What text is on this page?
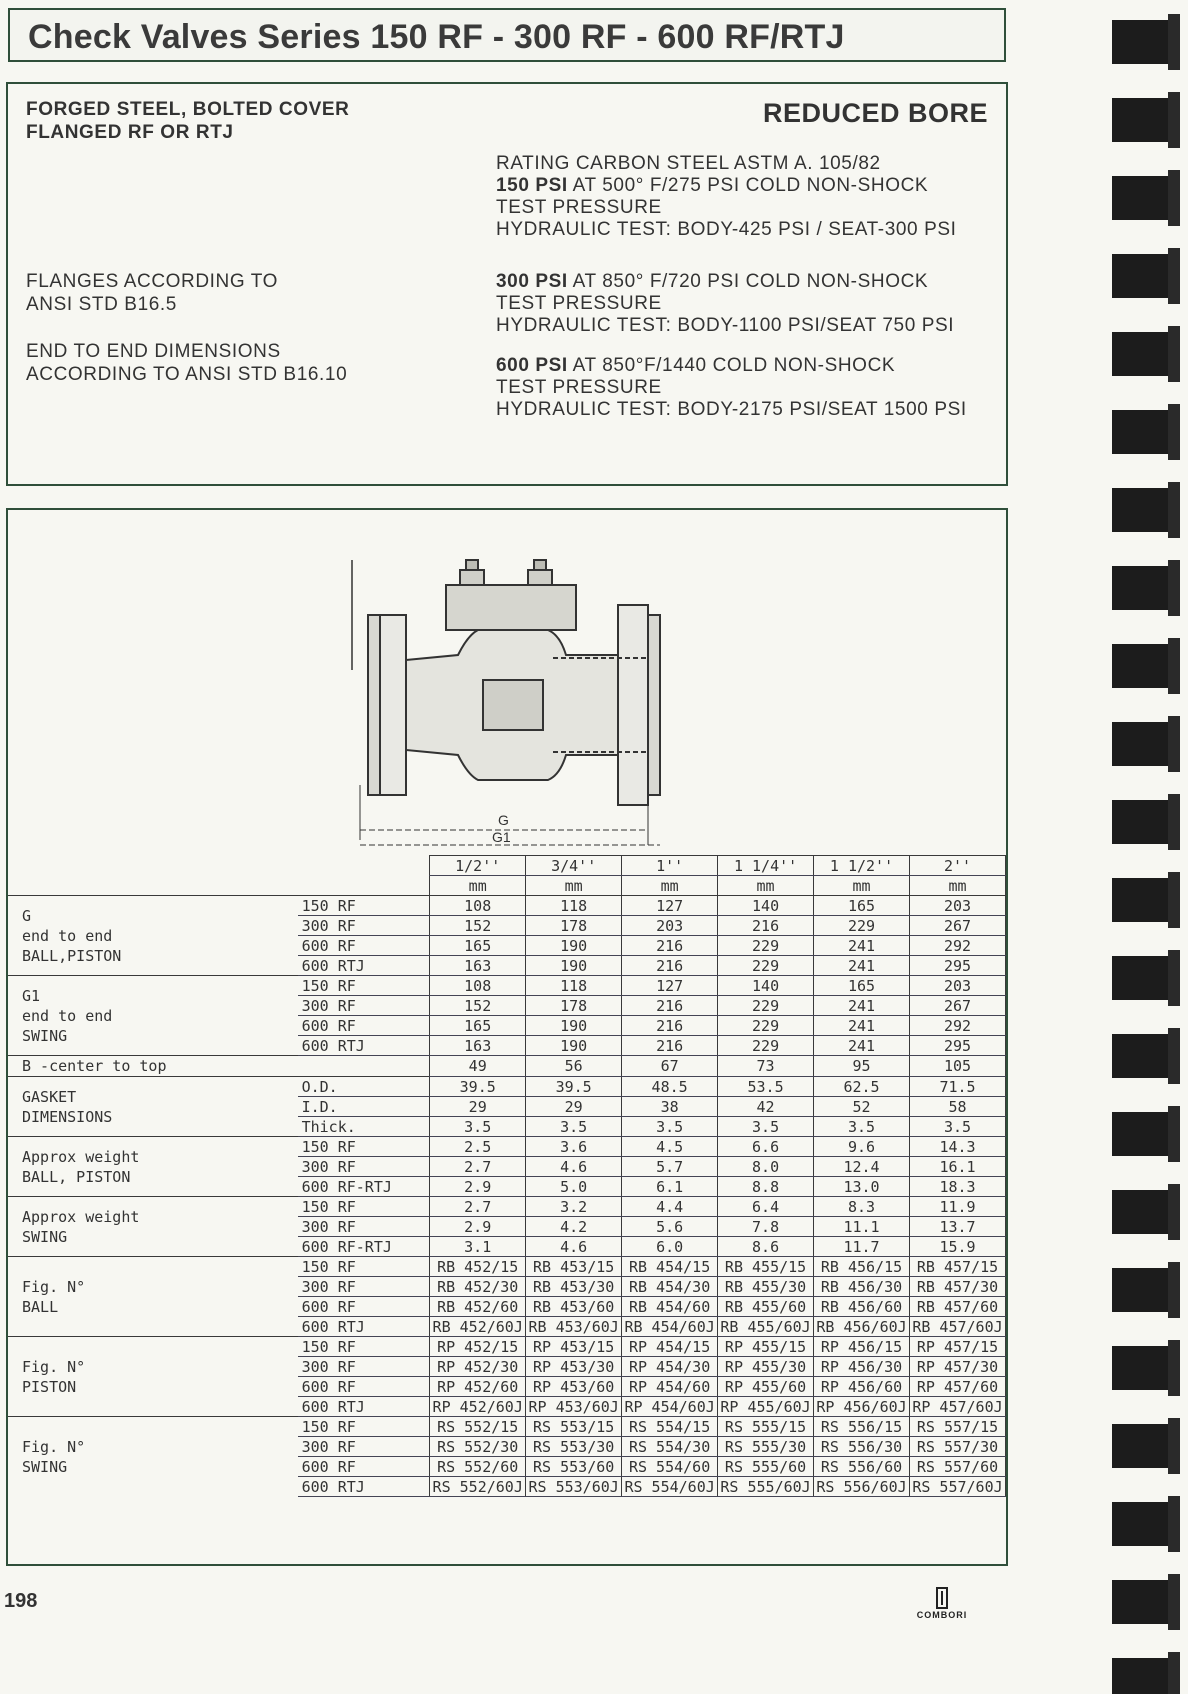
Check Valves Series 150 RF - 300 RF - 600 RF/RTJ
FORGED STEEL, BOLTED COVER
FLANGED RF OR RTJ
REDUCED BORE
FLANGES ACCORDING TO
ANSI STD B16.5
END TO END DIMENSIONS
ACCORDING TO ANSI STD B16.10
RATING CARBON STEEL ASTM A. 105/82
150 PSI AT 500° F/275 PSI COLD NON-SHOCK
TEST PRESSURE
HYDRAULIC TEST: BODY-425 PSI / SEAT-300 PSI
300 PSI AT 850° F/720 PSI COLD NON-SHOCK
TEST PRESSURE
HYDRAULIC TEST: BODY-1100 PSI/SEAT 750 PSI
600 PSI AT 850°F/1440 COLD NON-SHOCK
TEST PRESSURE
HYDRAULIC TEST: BODY-2175 PSI/SEAT 1500 PSI
G
G1
		1/2''	3/4''	1''	1 1/4''	1 1/2''	2''
		mm	mm	mm	mm	mm	mm

G
end to end
BALL,PISTON	150 RF	108	118	127	140	165	203
	300 RF	152	178	203	216	229	267
	600 RF	165	190	216	229	241	292
	600 RTJ	163	190	216	229	241	295

G1
end to end
SWING	150 RF	108	118	127	140	165	203
	300 RF	152	178	216	229	241	267
	600 RF	165	190	216	229	241	292
	600 RTJ	163	190	216	229	241	295

B -center to top		49	56	67	73	95	105

GASKET
DIMENSIONS	O.D.	39.5	39.5	48.5	53.5	62.5	71.5
	I.D.	29	29	38	42	52	58
	Thick.	3.5	3.5	3.5	3.5	3.5	3.5

Approx weight
BALL, PISTON	150 RF	2.5	3.6	4.5	6.6	9.6	14.3
	300 RF	2.7	4.6	5.7	8.0	12.4	16.1
	600 RF-RTJ	2.9	5.0	6.1	8.8	13.0	18.3

Approx weight
SWING	150 RF	2.7	3.2	4.4	6.4	8.3	11.9
	300 RF	2.9	4.2	5.6	7.8	11.1	13.7
	600 RF-RTJ	3.1	4.6	6.0	8.6	11.7	15.9

Fig. N°
BALL	150 RF	RB 452/15	RB 453/15	RB 454/15	RB 455/15	RB 456/15	RB 457/15
	300 RF	RB 452/30	RB 453/30	RB 454/30	RB 455/30	RB 456/30	RB 457/30
	600 RF	RB 452/60	RB 453/60	RB 454/60	RB 455/60	RB 456/60	RB 457/60
	600 RTJ	RB 452/60J	RB 453/60J	RB 454/60J	RB 455/60J	RB 456/60J	RB 457/60J

Fig. N°
PISTON	150 RF	RP 452/15	RP 453/15	RP 454/15	RP 455/15	RP 456/15	RP 457/15
	300 RF	RP 452/30	RP 453/30	RP 454/30	RP 455/30	RP 456/30	RP 457/30
	600 RF	RP 452/60	RP 453/60	RP 454/60	RP 455/60	RP 456/60	RP 457/60
	600 RTJ	RP 452/60J	RP 453/60J	RP 454/60J	RP 455/60J	RP 456/60J	RP 457/60J

Fig. N°
SWING	150 RF	RS 552/15	RS 553/15	RS 554/15	RS 555/15	RS 556/15	RS 557/15
	300 RF	RS 552/30	RS 553/30	RS 554/30	RS 555/30	RS 556/30	RS 557/30
	600 RF	RS 552/60	RS 553/60	RS 554/60	RS 555/60	RS 556/60	RS 557/60
	600 RTJ	RS 552/60J	RS 553/60J	RS 554/60J	RS 555/60J	RS 556/60J	RS 557/60J
198
COMBORI
